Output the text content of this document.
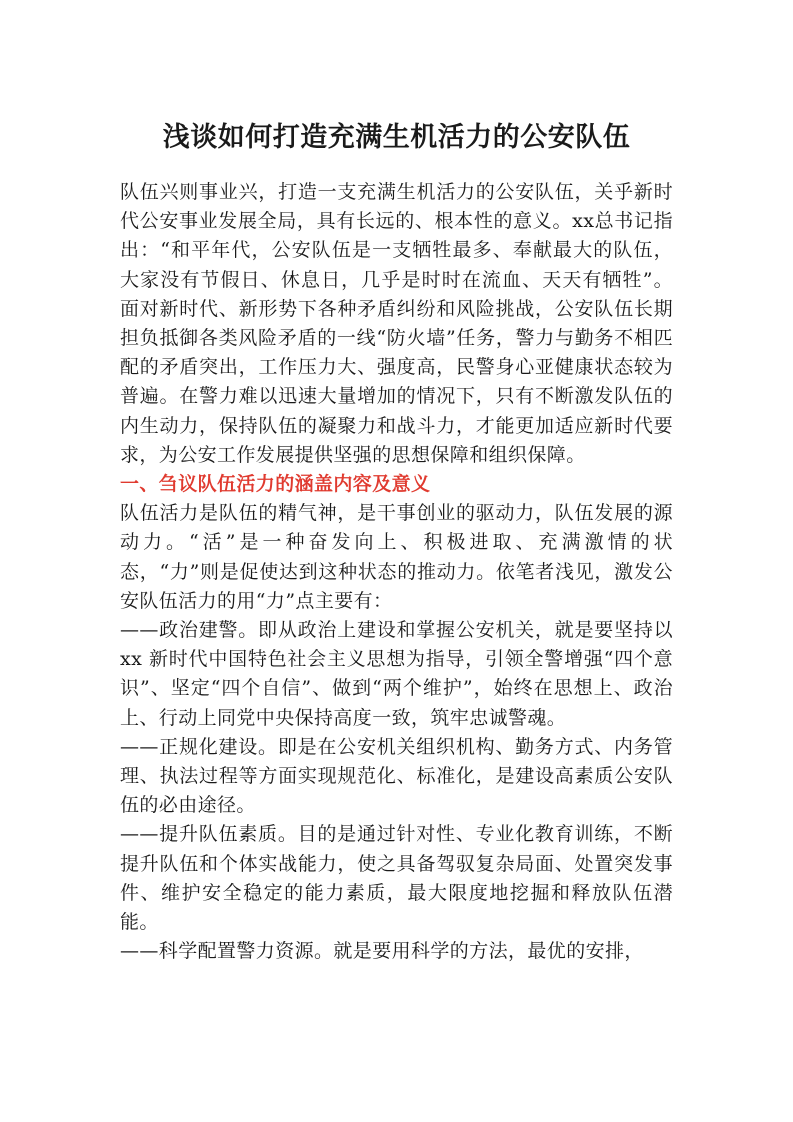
浅谈如何打造充满生机活力的公安队伍

队伍兴则事业兴，打造一支充满生机活力的公安队伍，关乎新时代公安事业发展全局，具有长远的、根本性的意义。xx总书记指出：“和平年代，公安队伍是一支牺牲最多、奉献最大的队伍，大家没有节假日、休息日，几乎是时时在流血、天天有牺牲”。面对新时代、新形势下各种矛盾纠纷和风险挑战，公安队伍长期担负抵御各类风险矛盾的一线“防火墙”任务，警力与勤务不相匹配的矛盾突出，工作压力大、强度高，民警身心亚健康状态较为普遍。在警力难以迅速大量增加的情况下，只有不断激发队伍的内生动力，保持队伍的凝聚力和战斗力，才能更加适应新时代要求，为公安工作发展提供坚强的思想保障和组织保障。

一、刍议队伍活力的涵盖内容及意义

队伍活力是队伍的精气神，是干事创业的驱动力，队伍发展的源动力。“活”是一种奋发向上、积极进取、充满激情的状态，“力”则是促使达到这种状态的推动力。依笔者浅见，激发公安队伍活力的用“力”点主要有：

——政治建警。即从政治上建设和掌握公安机关，就是要坚持以 xx 新时代中国特色社会主义思想为指导，引领全警增强“四个意识”、坚定“四个自信”、做到“两个维护”，始终在思想上、政治上、行动上同党中央保持高度一致，筑牢忠诚警魂。

——正规化建设。即是在公安机关组织机构、勤务方式、内务管理、执法过程等方面实现规范化、标准化，是建设高素质公安队伍的必由途径。

——提升队伍素质。目的是通过针对性、专业化教育训练，不断提升队伍和个体实战能力，使之具备驾驭复杂局面、处置突发事件、维护安全稳定的能力素质，最大限度地挖掘和释放队伍潜能。

——科学配置警力资源。就是要用科学的方法，最优的安排，
